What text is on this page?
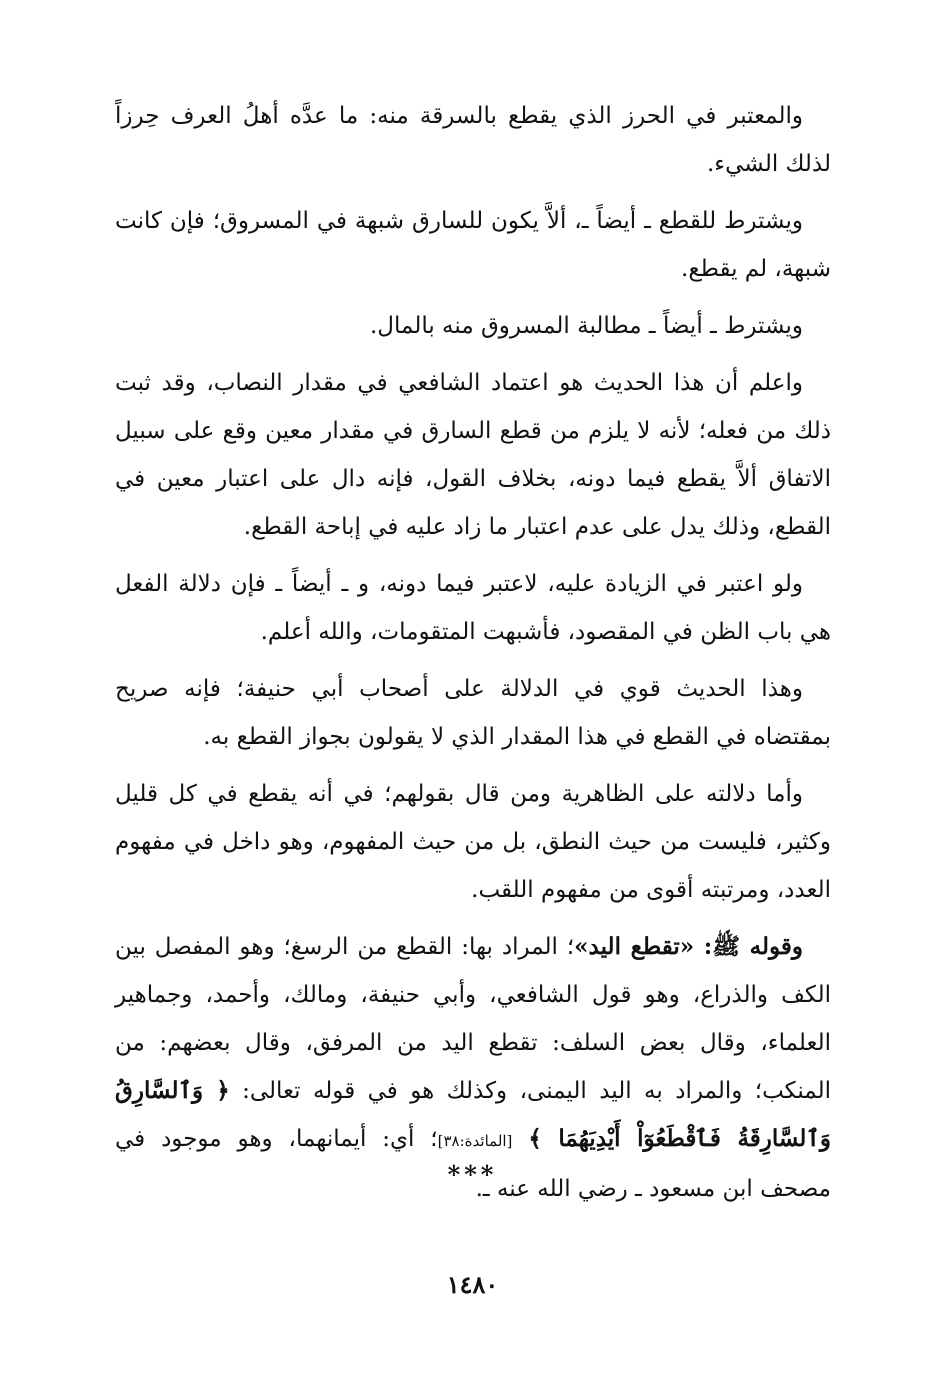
والمعتبر في الحرز الذي يقطع بالسرقة منه: ما عدَّه أهلُ العرف حِرزاً لذلك الشيء.

ويشترط للقطع ـ أيضاً ـ، ألاَّ يكون للسارق شبهة في المسروق؛ فإن كانت شبهة، لم يقطع.

ويشترط ـ أيضاً ـ مطالبة المسروق منه بالمال.

واعلم أن هذا الحديث هو اعتماد الشافعي في مقدار النصاب، وقد ثبت ذلك من فعله؛ لأنه لا يلزم من قطع السارق في مقدار معين وقع على سبيل الاتفاق ألاَّ يقطع فيما دونه، بخلاف القول، فإنه دال على اعتبار معين في القطع، وذلك يدل على عدم اعتبار ما زاد عليه في إباحة القطع.

ولو اعتبر في الزيادة عليه، لاعتبر فيما دونه، و ـ أيضاً ـ فإن دلالة الفعل هي باب الظن في المقصود، فأشبهت المتقومات، والله أعلم.

وهذا الحديث قوي في الدلالة على أصحاب أبي حنيفة؛ فإنه صريح بمقتضاه في القطع في هذا المقدار الذي لا يقولون بجواز القطع به.

وأما دلالته على الظاهرية ومن قال بقولهم؛ في أنه يقطع في كل قليل وكثير، فليست من حيث النطق، بل من حيث المفهوم، وهو داخل في مفهوم العدد، ومرتبته أقوى من مفهوم اللقب.

وقوله ﷺ: «تقطع اليد»؛ المراد بها: القطع من الرسغ؛ وهو المفصل بين الكف والذراع، وهو قول الشافعي، وأبي حنيفة، ومالك، وأحمد، وجماهير العلماء، وقال بعض السلف: تقطع اليد من المرفق، وقال بعضهم: من المنكب؛ والمراد به اليد اليمنى، وكذلك هو في قوله تعالى: ﴿ وَٱلسَّارِقُ وَٱلسَّارِقَةُ فَٱقْطَعُوٓاْ أَيْدِيَهُمَا ﴾ [المائدة:٣٨]؛ أي: أيمانهما، وهو موجود في مصحف ابن مسعود ـ رضي الله عنه ـ.

***
١٤٨٠
